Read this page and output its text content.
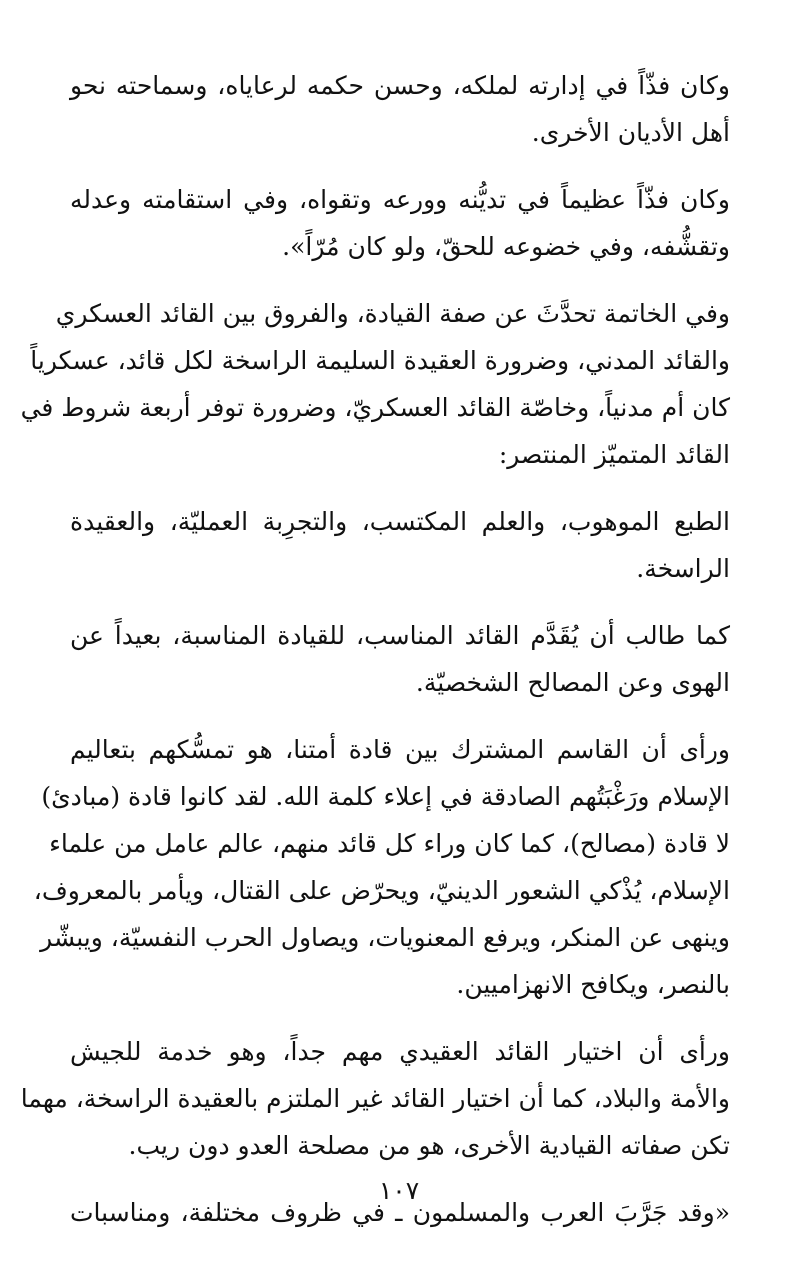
وكان فذّاً في إدارته لملكه، وحسن حكمه لرعاياه، وسماحته نحو
أهل الأديان الأخرى.

وكان فذّاً عظيماً في تديُّنه وورعه وتقواه، وفي استقامته وعدله
وتقشُّفه، وفي خضوعه للحقّ، ولو كان مُرّاً».

وفي الخاتمة تحدَّثَ عن صفة القيادة، والفروق بين القائد العسكري
والقائد المدني، وضرورة العقيدة السليمة الراسخة لكل قائد، عسكرياً
كان أم مدنياً، وخاصّة القائد العسكريّ، وضرورة توفر أربعة شروط في
القائد المتميّز المنتصر:

الطبع الموهوب، والعلم المكتسب، والتجرِبة العمليّة، والعقيدة
الراسخة.

كما طالب أن يُقَدَّم القائد المناسب، للقيادة المناسبة، بعيداً عن
الهوى وعن المصالح الشخصيّة.

ورأى أن القاسم المشترك بين قادة أمتنا، هو تمسُّكهم بتعاليم
الإسلام ورَغْبَتُهم الصادقة في إعلاء كلمة الله. لقد كانوا قادة (مبادئ)
لا قادة (مصالح)، كما كان وراء كل قائد منهم، عالم عامل من علماء
الإسلام، يُذْكي الشعور الدينيّ، ويحرّض على القتال، ويأمر بالمعروف،
وينهى عن المنكر، ويرفع المعنويات، ويصاول الحرب النفسيّة، ويبشّر
بالنصر، ويكافح الانهزاميين.

ورأى أن اختيار القائد العقيدي مهم جداً، وهو خدمة للجيش
والأمة والبلاد، كما أن اختيار القائد غير الملتزم بالعقيدة الراسخة، مهما
تكن صفاته القيادية الأخرى، هو من مصلحة العدو دون ريب.

«وقد جَرَّبَ العرب والمسلمون ـ في ظروف مختلفة، ومناسبات

١٠٧
